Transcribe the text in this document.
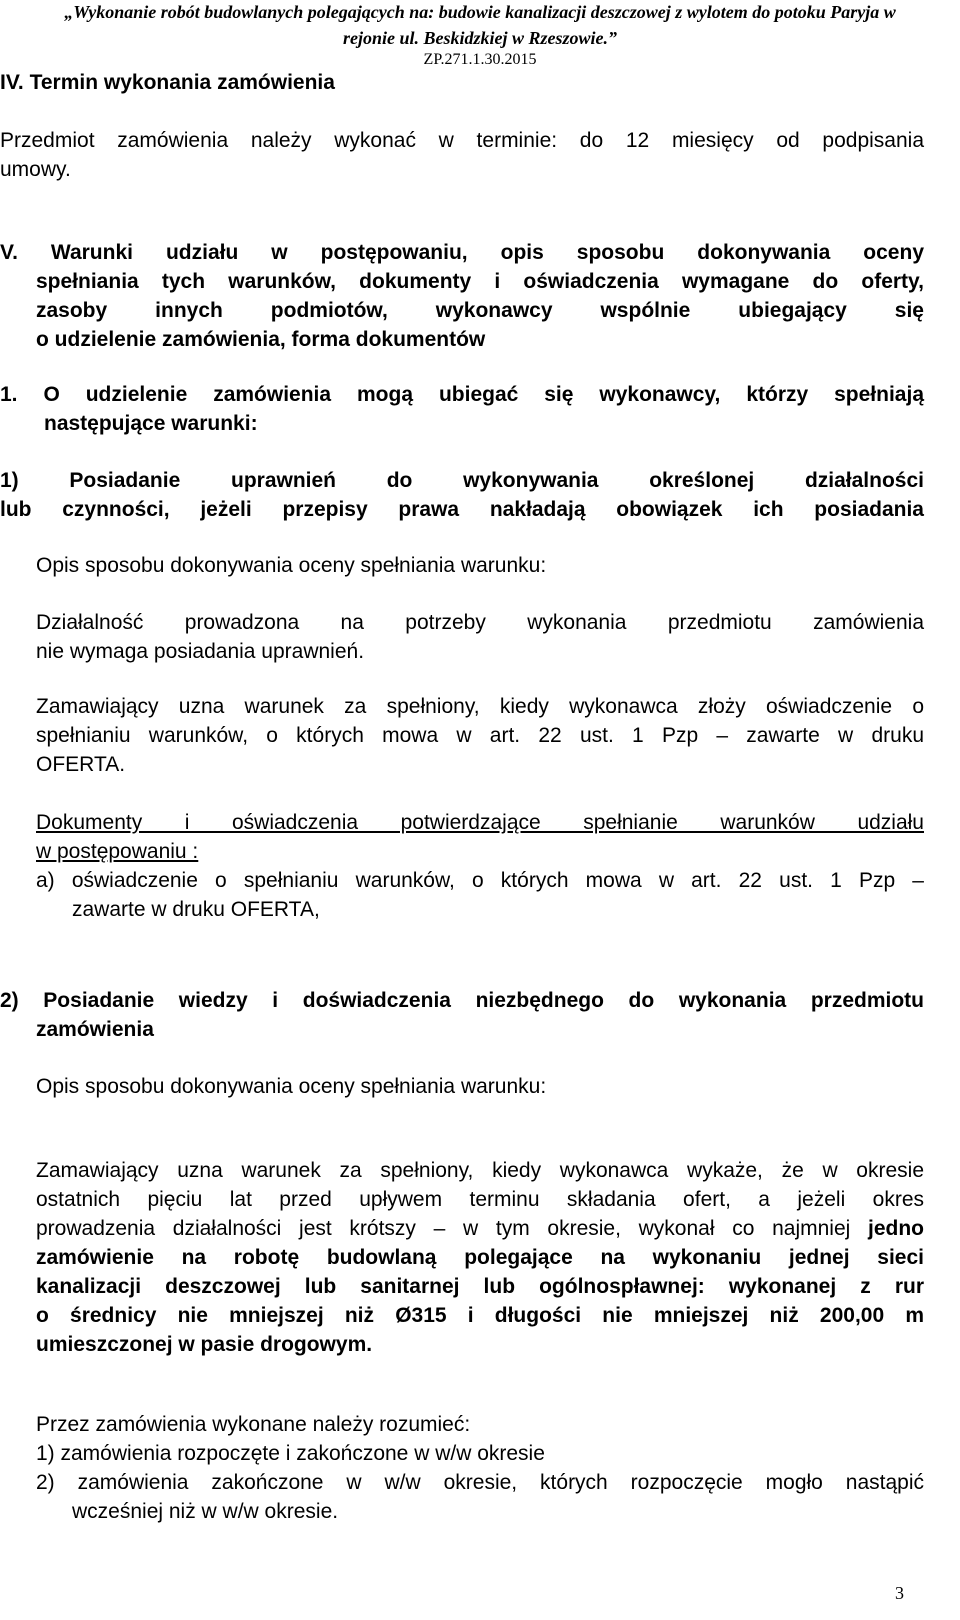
„Wykonanie robót budowlanych polegających na: budowie kanalizacji deszczowej z wylotem do potoku Paryja w
rejonie ul. Beskidzkiej w Rzeszowie.”
ZP.271.1.30.2015
IV. Termin wykonania zamówienia
Przedmiot zamówienia należy wykonać w terminie: do 12 miesięcy od podpisania
umowy.
V. Warunki udziału w postępowaniu, opis sposobu dokonywania oceny
spełniania tych warunków, dokumenty i oświadczenia wymagane do oferty,
zasoby innych podmiotów, wykonawcy wspólnie ubiegający się
o udzielenie zamówienia, forma dokumentów
1. O udzielenie zamówienia mogą ubiegać się wykonawcy, którzy spełniają
następujące warunki:
1) Posiadanie uprawnień do wykonywania określonej działalności
lub czynności, jeżeli przepisy prawa nakładają obowiązek ich posiadania
Opis sposobu dokonywania oceny spełniania warunku:
Działalność prowadzona na potrzeby wykonania przedmiotu zamówienia
nie wymaga posiadania uprawnień.
Zamawiający uzna warunek za spełniony, kiedy wykonawca złoży oświadczenie o
spełnianiu warunków, o których mowa w art. 22 ust. 1 Pzp – zawarte w druku
OFERTA.
Dokumenty i oświadczenia potwierdzające spełnianie warunków udziału
w postępowaniu :
a) oświadczenie o spełnianiu warunków, o których mowa w art. 22 ust. 1 Pzp –
zawarte w druku OFERTA,
2) Posiadanie wiedzy i doświadczenia niezbędnego do wykonania przedmiotu
zamówienia
Opis sposobu dokonywania oceny spełniania warunku:
Zamawiający uzna warunek za spełniony, kiedy wykonawca wykaże, że w okresie
ostatnich pięciu lat przed upływem terminu składania ofert, a jeżeli okres
prowadzenia działalności jest krótszy – w tym okresie, wykonał co najmniej jedno
zamówienie na robotę budowlaną polegające na wykonaniu jednej sieci
kanalizacji deszczowej lub sanitarnej lub ogólnospławnej: wykonanej z rur
o średnicy nie mniejszej niż Ø315 i długości nie mniejszej niż 200,00 m
umieszczonej w pasie drogowym.
Przez zamówienia wykonane należy rozumieć:
1) zamówienia rozpoczęte i zakończone w w/w okresie
2) zamówienia zakończone w w/w okresie, których rozpoczęcie mogło nastąpić
wcześniej niż w w/w okresie.
3
